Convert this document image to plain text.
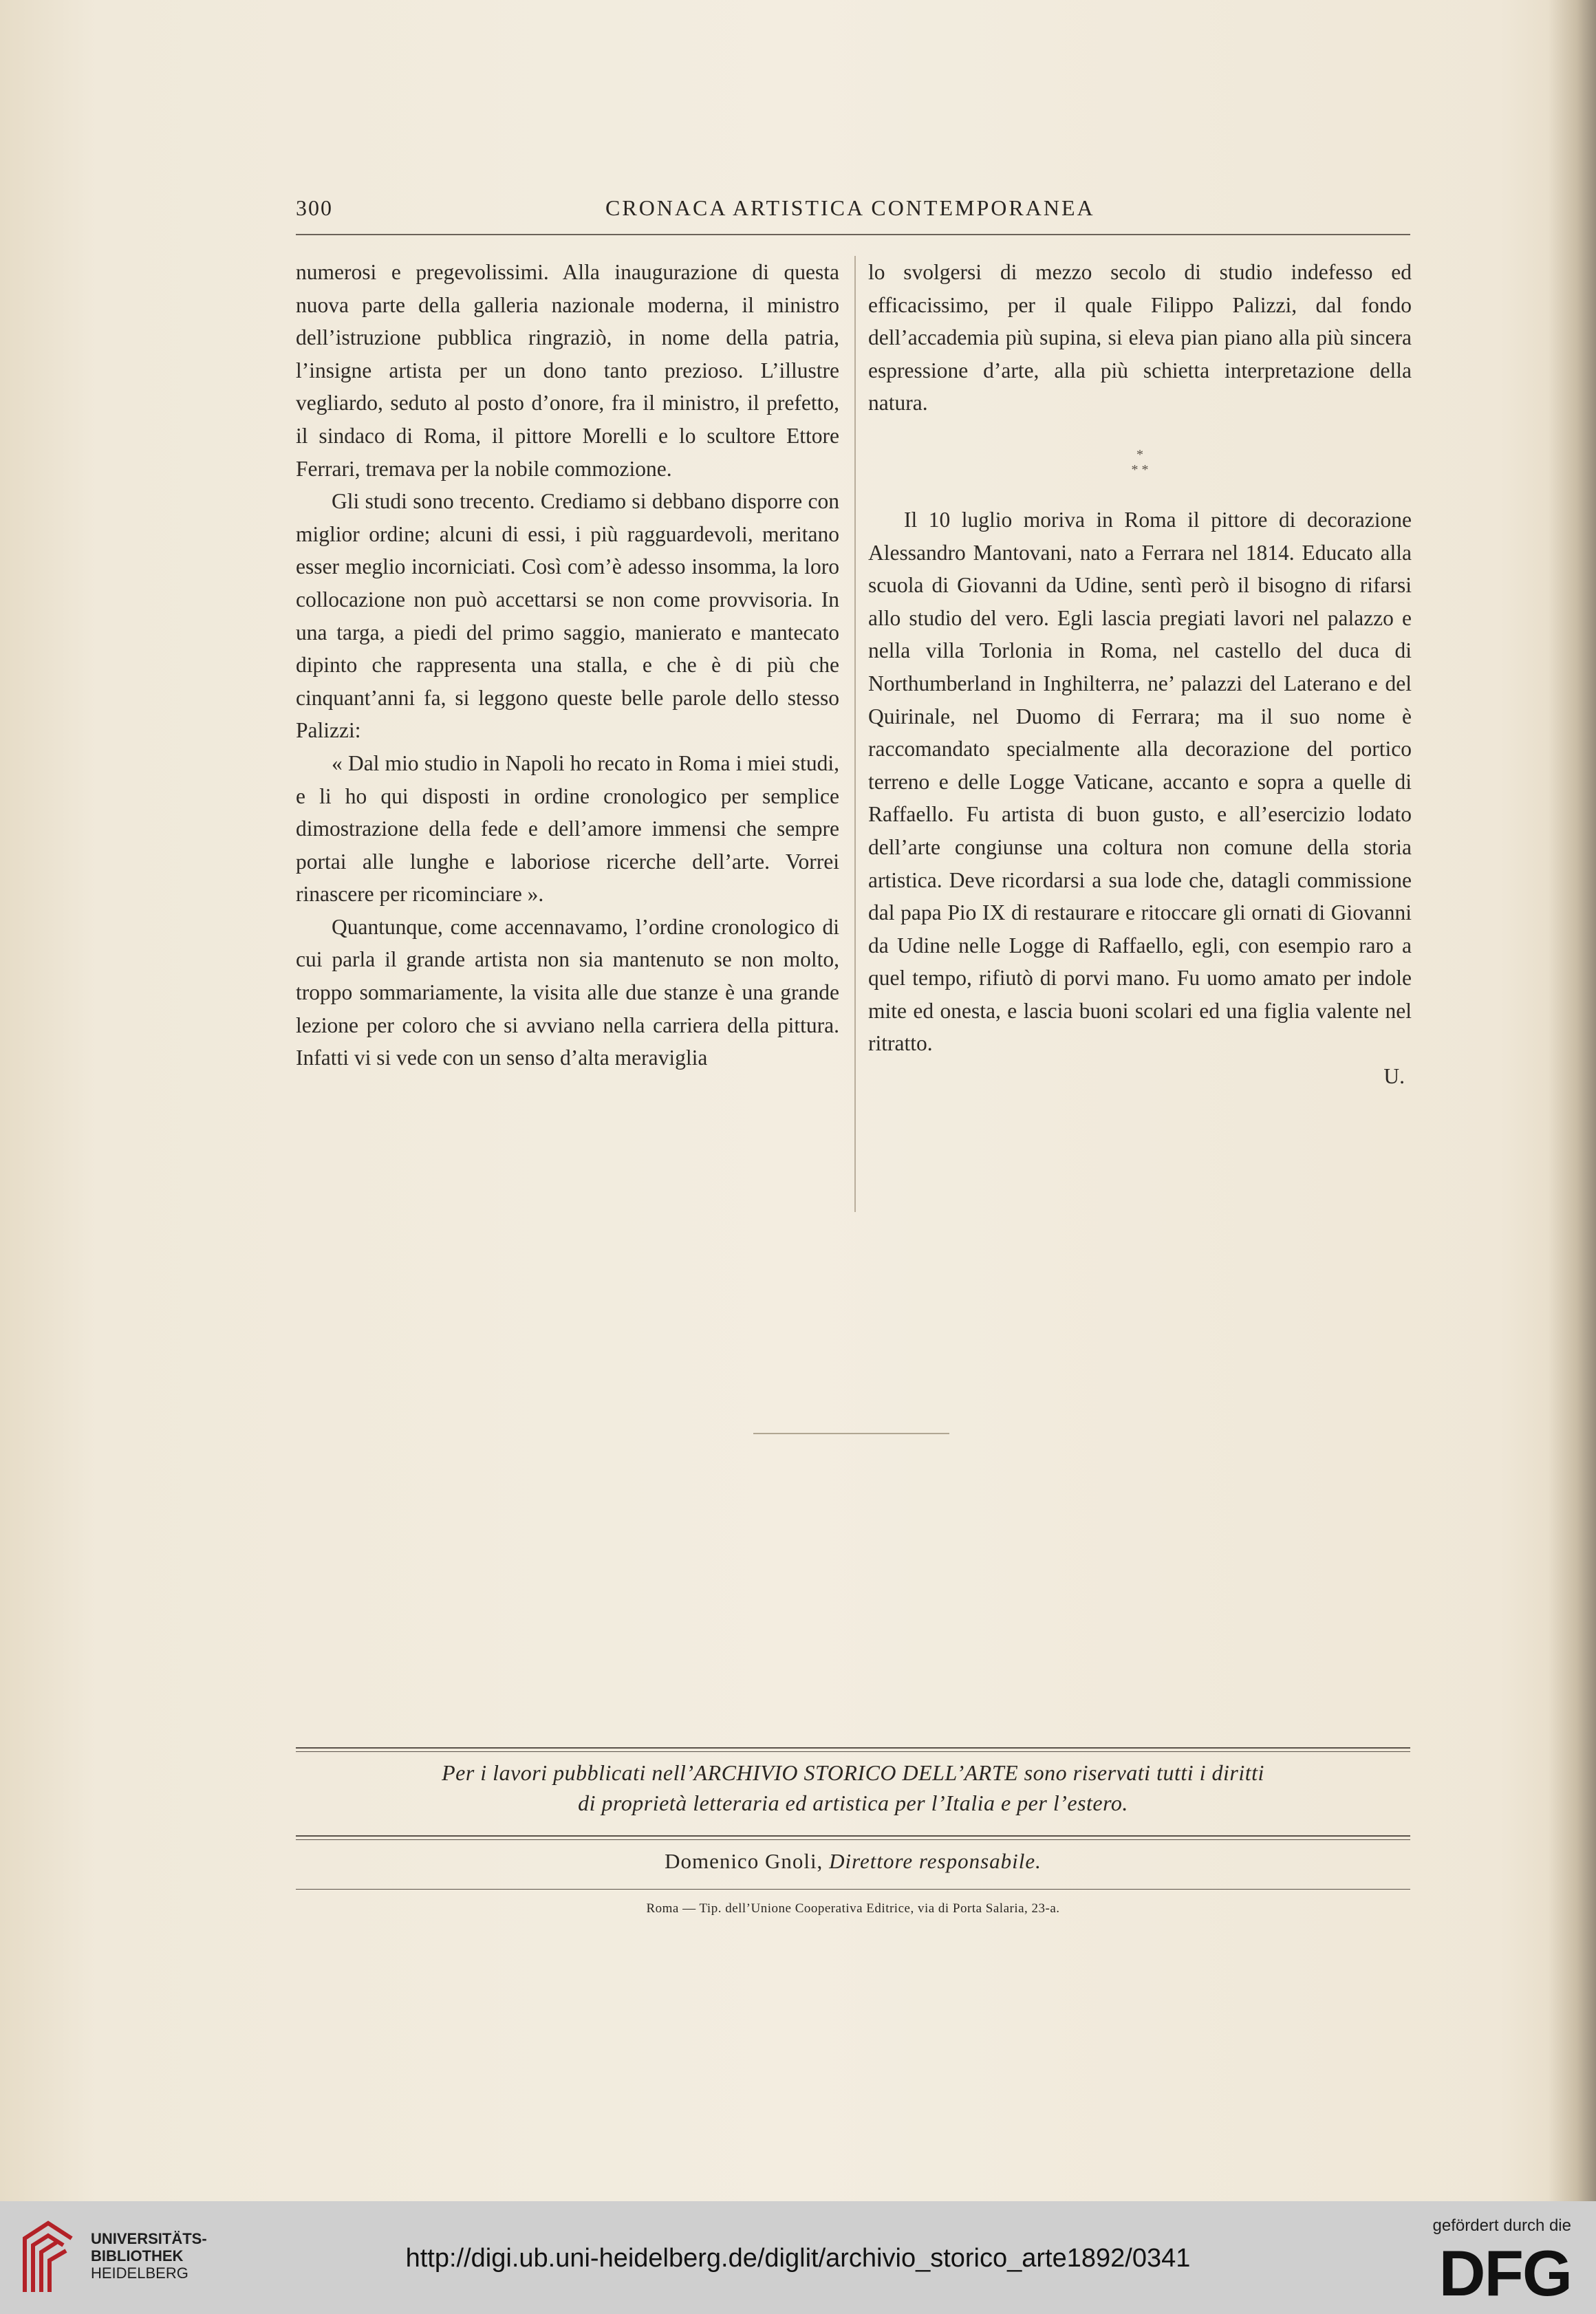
300	CRONACA ARTISTICA CONTEMPORANEA

numerosi e pregevolissimi. Alla inaugurazione di questa nuova parte della galleria nazionale moderna, il ministro dell’istruzione pubblica ringraziò, in nome della patria, l’insigne artista per un dono tanto prezioso. L’illustre vegliardo, seduto al posto d’onore, fra il ministro, il prefetto, il sindaco di Roma, il pittore Morelli e lo scultore Ettore Ferrari, tremava per la nobile commozione.

Gli studi sono trecento. Crediamo si debbano disporre con miglior ordine; alcuni di essi, i più ragguardevoli, meritano esser meglio incorniciati. Così com’è adesso insomma, la loro collocazione non può accettarsi se non come provvisoria. In una targa, a piedi del primo saggio, manierato e mantecato dipinto che rappresenta una stalla, e che è di più che cinquant’anni fa, si leggono queste belle parole dello stesso Palizzi:

« Dal mio studio in Napoli ho recato in Roma i miei studi, e li ho qui disposti in ordine cronologico per semplice dimostrazione della fede e dell’amore immensi che sempre portai alle lunghe e laboriose ricerche dell’arte. Vorrei rinascere per ricominciare ».

Quantunque, come accennavamo, l’ordine cronologico di cui parla il grande artista non sia mantenuto se non molto, troppo sommariamente, la visita alle due stanze è una grande lezione per coloro che si avviano nella carriera della pittura. Infatti vi si vede con un senso d’alta meraviglia

lo svolgersi di mezzo secolo di studio indefesso ed efficacissimo, per il quale Filippo Palizzi, dal fondo dell’accademia più supina, si eleva pian piano alla più sincera espressione d’arte, alla più schietta interpretazione della natura.

*
* *

Il 10 luglio moriva in Roma il pittore di decorazione Alessandro Mantovani, nato a Ferrara nel 1814. Educato alla scuola di Giovanni da Udine, sentì però il bisogno di rifarsi allo studio del vero. Egli lascia pregiati lavori nel palazzo e nella villa Torlonia in Roma, nel castello del duca di Northumberland in Inghilterra, ne’ palazzi del Laterano e del Quirinale, nel Duomo di Ferrara; ma il suo nome è raccomandato specialmente alla decorazione del portico terreno e delle Logge Vaticane, accanto e sopra a quelle di Raffaello. Fu artista di buon gusto, e all’esercizio lodato dell’arte congiunse una coltura non comune della storia artistica. Deve ricordarsi a sua lode che, datagli commissione dal papa Pio IX di restaurare e ritoccare gli ornati di Giovanni da Udine nelle Logge di Raffaello, egli, con esempio raro a quel tempo, rifiutò di porvi mano. Fu uomo amato per indole mite ed onesta, e lascia buoni scolari ed una figlia valente nel ritratto.

U.

Per i lavori pubblicati nell’ARCHIVIO STORICO DELL’ARTE sono riservati tutti i diritti
di proprietà letteraria ed artistica per l’Italia e per l’estero.
Domenico Gnoli, Direttore responsabile.
Roma — Tip. dell’Unione Cooperativa Editrice, via di Porta Salaria, 23-a.
UNIVERSITÄTS-
BIBLIOTHEK
HEIDELBERG
http://digi.ub.uni-heidelberg.de/diglit/archivio_storico_arte1892/0341
gefördert durch die
DFG
